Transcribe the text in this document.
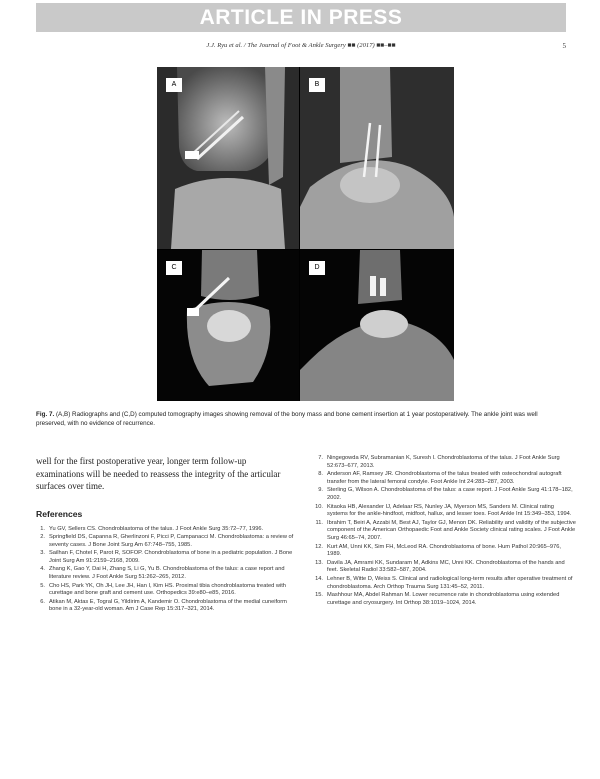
ARTICLE IN PRESS
J.J. Ryu et al. / The Journal of Foot & Ankle Surgery ■■ (2017) ■■–■■	5
A	B
C	D
Fig. 7. (A,B) Radiographs and (C,D) computed tomography images showing removal of the bony mass and bone cement insertion at 1 year postoperatively. The ankle joint was well preserved, with no evidence of recurrence.

well for the first postoperative year, longer term follow-up examinations will be needed to reassess the integrity of the articular surfaces over time.

References
1. Yu GV, Sellers CS. Chondroblastoma of the talus. J Foot Ankle Surg 35:72–77, 1996.
2. Springfield DS, Capanna R, Gherlinzoni F, Picci P, Campanacci M. Chondroblastoma: a review of seventy cases. J Bone Joint Surg Am 67:748–755, 1985.
3. Sailhan F, Chotel F, Parot R, SOFOP. Chondroblastoma of bone in a pediatric population. J Bone Joint Surg Am 91:2159–2168, 2009.
4. Zhang K, Gao Y, Dai H, Zhang S, Li G, Yu B. Chondroblastoma of the talus: a case report and literature review. J Foot Ankle Surg 51:262–265, 2012.
5. Cho HS, Park YK, Oh JH, Lee JH, Han I, Kim HS. Proximal tibia chondroblastoma treated with curettage and bone graft and cement use. Orthopedics 39:e80–e85, 2016.
6. Atikan M, Aktas E, Togral G, Yildirim A, Kandemir O. Chondroblastoma of the medial cuneiform bone in a 32-year-old woman. Am J Case Rep 15:317–321, 2014.
7. Ningegowda RV, Subramanian K, Suresh I. Chondroblastoma of the talus. J Foot Ankle Surg 52:673–677, 2013.
8. Anderson AF, Ramsey JR. Chondroblastoma of the talus treated with osteochondral autograft transfer from the lateral femoral condyle. Foot Ankle Int 24:283–287, 2003.
9. Sterling G, Wilson A. Chondroblastoma of the talus: a case report. J Foot Ankle Surg 41:178–182, 2002.
10. Kitaoka HB, Alexander IJ, Adelaar RS, Nunley JA, Myerson MS, Sanders M. Clinical rating systems for the ankle-hindfoot, midfoot, hallux, and lesser toes. Foot Ankle Int 15:349–353, 1994.
11. Ibrahim T, Beiri A, Azzabi M, Best AJ, Taylor GJ, Menon DK. Reliability and validity of the subjective component of the American Orthopaedic Foot and Ankle Society clinical rating scales. J Foot Ankle Surg 46:65–74, 2007.
12. Kurt AM, Unni KK, Sim FH, McLeod RA. Chondroblastoma of bone. Hum Pathol 20:965–976, 1989.
13. Davila JA, Amrami KK, Sundaram M, Adkins MC, Unni KK. Chondroblastoma of the hands and feet. Skeletal Radiol 33:582–587, 2004.
14. Lehner B, Witte D, Weiss S. Clinical and radiological long-term results after operative treatment of chondroblastoma. Arch Orthop Trauma Surg 131:45–52, 2011.
15. Mashhour MA, Abdel Rahman M. Lower recurrence rate in chondroblastoma using extended curettage and cryosurgery. Int Orthop 38:1019–1024, 2014.
